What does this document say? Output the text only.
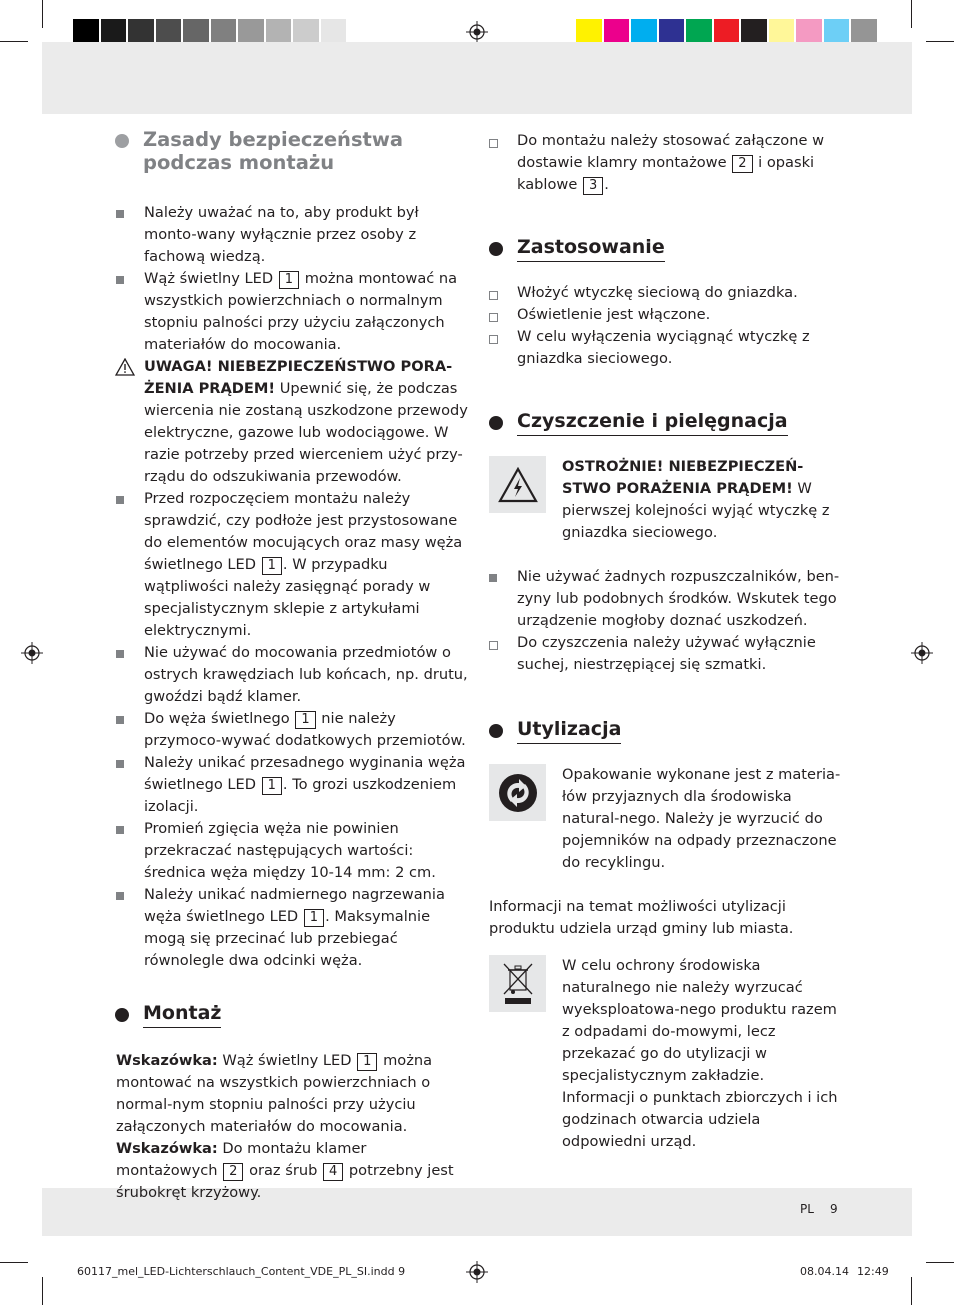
Zasady bezpieczeństwa
podczas montażu
Należy uważać na to, aby produkt był monto-wany wyłącznie przez osoby z fachową wiedzą.
Wąż świetlny LED 1 można montować na wszystkich powierzchniach o normalnym stopniu palności przy użyciu załączonych materiałów do mocowania.
UWAGA! NIEBEZPIECZEŃSTWO PORA-ŻENIA PRĄDEM! Upewnić się, że podczas wiercenia nie zostaną uszkodzone przewody elektryczne, gazowe lub wodociągowe. W razie potrzeby przed wierceniem użyć przy-rządu do odszukiwania przewodów.
Przed rozpoczęciem montażu należy sprawdzić, czy podłoże jest przystosowane do elementów mocujących oraz masy węża świetlnego LED 1 . W przypadku wątpliwości należy zasięgnąć porady w specjalistycznym sklepie z artykułami elektrycznymi.
Nie używać do mocowania przedmiotów o ostrych krawędziach lub końcach, np. drutu, gwoździ bądź klamer.
Do węża świetlnego 1 nie należy przymoco-wywać dodatkowych przemiotów.
Należy unikać przesadnego wyginania węża świetlnego LED 1 . To grozi uszkodzeniem izolacji.
Promień zgięcia węża nie powinien przekraczać następujących wartości: średnica węża między 10-14 mm: 2 cm.
Należy unikać nadmiernego nagrzewania węża świetlnego LED 1 . Maksymalnie mogą się przecinać lub przebiegać równolegle dwa odcinki węża.
Montaż
Wskazówka: Wąż świetlny LED 1 można montować na wszystkich powierzchniach o normal-nym stopniu palności przy użyciu załączonych materiałów do mocowania.
Wskazówka: Do montażu klamer montażowych 2 oraz śrub 4 potrzebny jest śrubokręt krzyżowy.
Do montażu należy stosować załączone w dostawie klamry montażowe 2 i opaski kablowe 3 .
Zastosowanie
Włożyć wtyczkę sieciową do gniazdka.
Oświetlenie jest włączone.
W celu wyłączenia wyciągnąć wtyczkę z gniazdka sieciowego.
Czyszczenie i pielęgnacja
OSTROŻNIE! NIEBEZPIECZEŃ-STWO PORAŻENIA PRĄDEM! W pierwszej kolejności wyjąć wtyczkę z gniazdka sieciowego.
Nie używać żadnych rozpuszczalników, ben-zyny lub podobnych środków. Wskutek tego urządzenie mogłoby doznać uszkodzeń.
Do czyszczenia należy używać wyłącznie suchej, niestrzępiącej się szmatki.
Utylizacja
Opakowanie wykonane jest z materia-łów przyjaznych dla środowiska natural-nego. Należy je wyrzucić do pojemników na odpady przeznaczone do recyklingu.
Informacji na temat możliwości utylizacji produktu udziela urząd gminy lub miasta.
W celu ochrony środowiska naturalnego nie należy wyrzucać wyeksploatowa-nego produktu razem z odpadami do-mowymi, lecz przekazać go do utylizacji w specjalistycznym zakładzie. Informacji o punktach zbiorczych i ich godzinach otwarcia udziela odpowiedni urząd.
PL 9
60117_mel_LED-Lichterschlauch_Content_VDE_PL_SI.indd 9	08.04.14 12:49
